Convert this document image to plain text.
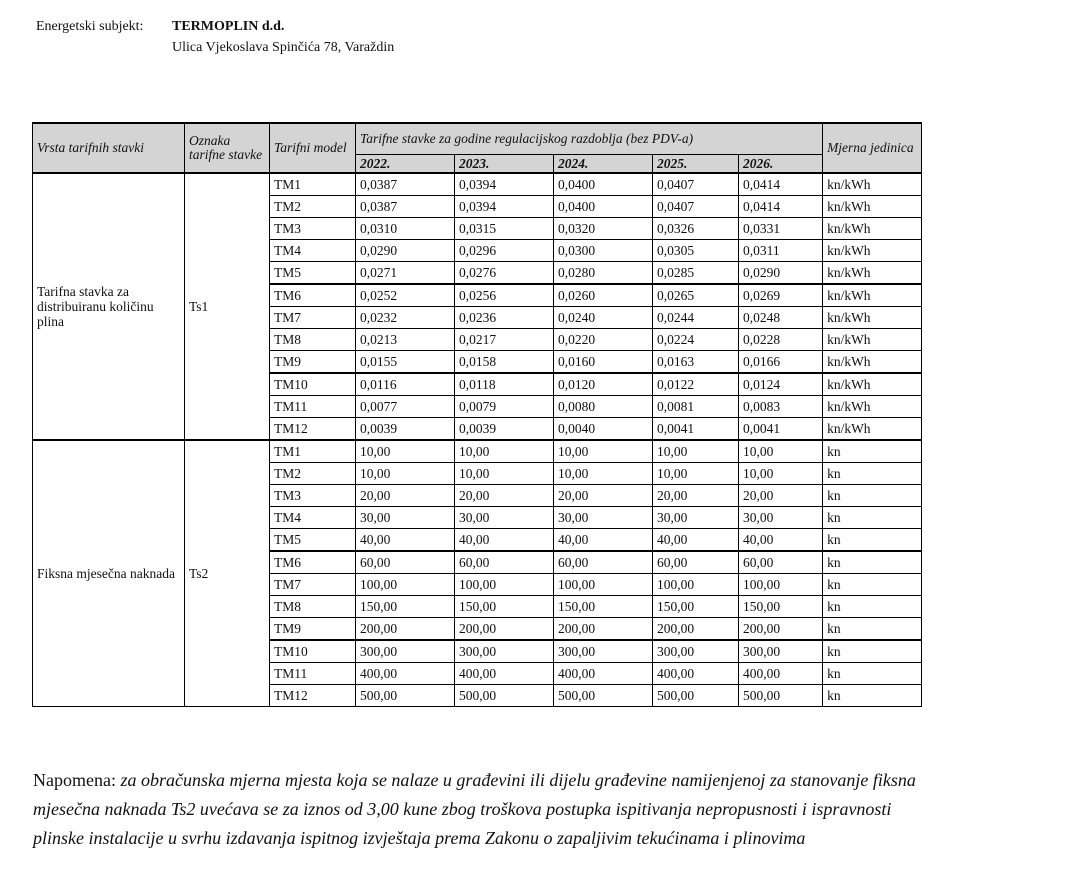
Energetski subjekt:	TERMOPLIN d.d.
Ulica Vjekoslava Spinčića 78, Varaždin
Vrsta tarifnih stavki	Oznaka tarifne stavke	Tarifni model	Tarifne stavke za godine regulacijskog razdoblja (bez PDV-a)					Mjerna jedinica
			2022.	2023.	2024.	2025.	2026.	
Tarifna stavka za distribuiranu količinu plina	Ts1	TM1	0,0387	0,0394	0,0400	0,0407	0,0414	kn/kWh
		TM2	0,0387	0,0394	0,0400	0,0407	0,0414	kn/kWh
		TM3	0,0310	0,0315	0,0320	0,0326	0,0331	kn/kWh
		TM4	0,0290	0,0296	0,0300	0,0305	0,0311	kn/kWh
		TM5	0,0271	0,0276	0,0280	0,0285	0,0290	kn/kWh
		TM6	0,0252	0,0256	0,0260	0,0265	0,0269	kn/kWh
		TM7	0,0232	0,0236	0,0240	0,0244	0,0248	kn/kWh
		TM8	0,0213	0,0217	0,0220	0,0224	0,0228	kn/kWh
		TM9	0,0155	0,0158	0,0160	0,0163	0,0166	kn/kWh
		TM10	0,0116	0,0118	0,0120	0,0122	0,0124	kn/kWh
		TM11	0,0077	0,0079	0,0080	0,0081	0,0083	kn/kWh
		TM12	0,0039	0,0039	0,0040	0,0041	0,0041	kn/kWh
Fiksna mjesečna naknada	Ts2	TM1	10,00	10,00	10,00	10,00	10,00	kn
		TM2	10,00	10,00	10,00	10,00	10,00	kn
		TM3	20,00	20,00	20,00	20,00	20,00	kn
		TM4	30,00	30,00	30,00	30,00	30,00	kn
		TM5	40,00	40,00	40,00	40,00	40,00	kn
		TM6	60,00	60,00	60,00	60,00	60,00	kn
		TM7	100,00	100,00	100,00	100,00	100,00	kn
		TM8	150,00	150,00	150,00	150,00	150,00	kn
		TM9	200,00	200,00	200,00	200,00	200,00	kn
		TM10	300,00	300,00	300,00	300,00	300,00	kn
		TM11	400,00	400,00	400,00	400,00	400,00	kn
		TM12	500,00	500,00	500,00	500,00	500,00	kn
Napomena: za obračunska mjerna mjesta koja se nalaze u građevini ili dijelu građevine namijenjenoj za stanovanje fiksna mjesečna naknada Ts2 uvećava se za iznos od 3,00 kune zbog troškova postupka ispitivanja nepropusnosti i ispravnosti plinske instalacije u svrhu izdavanja ispitnog izvještaja prema Zakonu o zapaljivim tekućinama i plinovima
